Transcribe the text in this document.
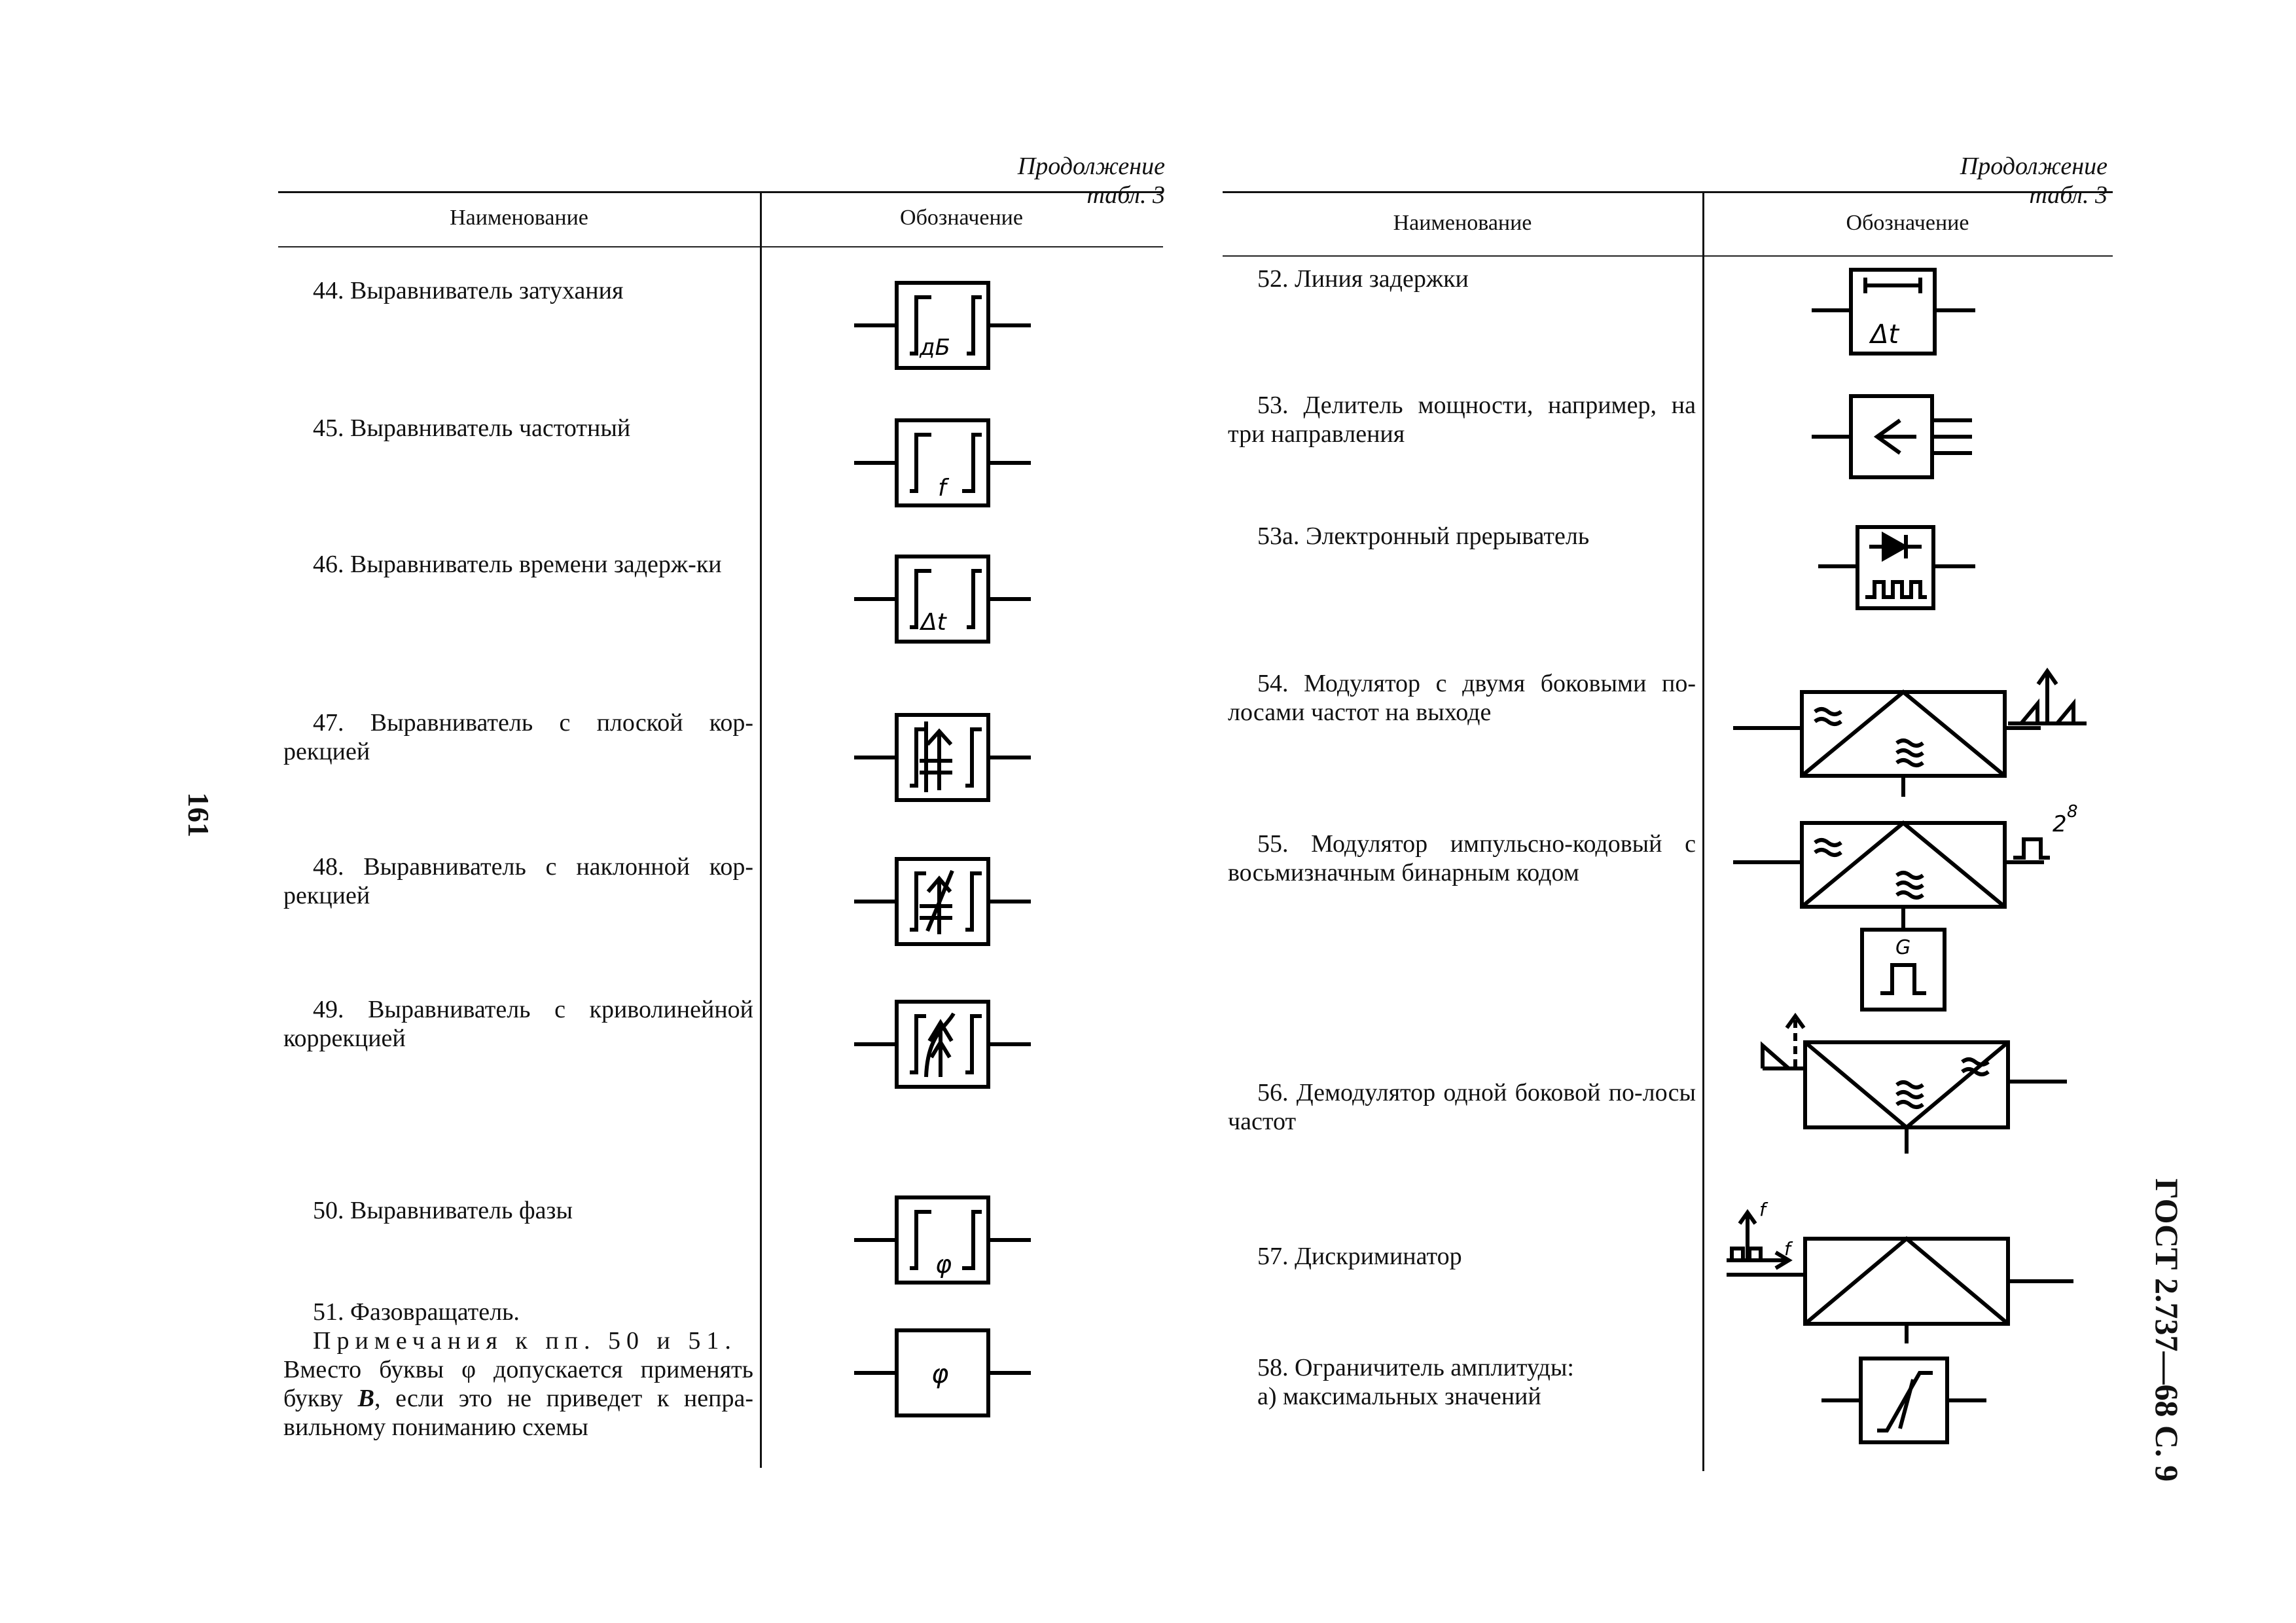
Продолжение табл. 3
Продолжение табл. 3
161
ГОСТ 2.737—68 С. 9
Наименование	Обозначение
44. Выравниватель затухания
дБ
45. Выравниватель частотный
f
46. Выравниватель времени задерж-ки
Δt
47. Выравниватель с плоской кор-рекцией
48. Выравниватель с наклонной кор-рекцией
49. Выравниватель с криволинейной коррекцией
50. Выравниватель фазы
φ

51. Фазовращатель.

Примечания к пп. 50 и 51.

Вместо буквы φ допускается применять букву В, если это не приведет к непра-вильному пониманию схемы

φ
Наименование	Обозначение
52. Линия задержки
Δt
53. Делитель мощности, например, на три направления
53а. Электронный прерыватель
54. Модулятор с двумя боковыми по-лосами частот на выходе
55. Модулятор импульсно-кодовый с восьмизначным бинарным кодом
2 8
G
56. Демодулятор одной боковой по-лосы частот
57. Дискриминатор
f
f

58. Ограничитель амплитуды:

а) максимальных значений
